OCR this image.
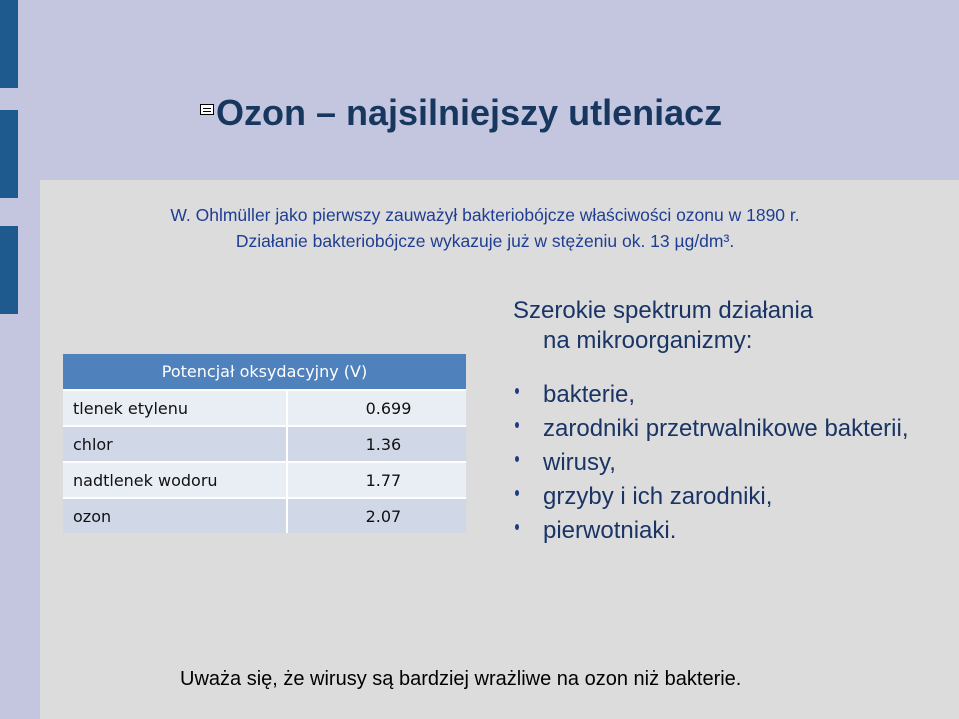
Ozon – najsilniejszy utleniacz
W. Ohlmüller jako pierwszy zauważył bakteriobójcze właściwości ozonu w 1890 r.
Działanie bakteriobójcze wykazuje już w stężeniu ok. 13 µg/dm³.
Potencjał oksydacyjny (V)	
tlenek etylenu	0.699
chlor	1.36
nadtlenek wodoru	1.77
ozon	2.07
Szerokie spektrum działania
na mikroorganizmy:
bakterie,
zarodniki przetrwalnikowe bakterii,
wirusy,
grzyby i ich zarodniki,
pierwotniaki.
Uważa się, że wirusy są bardziej wrażliwe na ozon niż bakterie.
